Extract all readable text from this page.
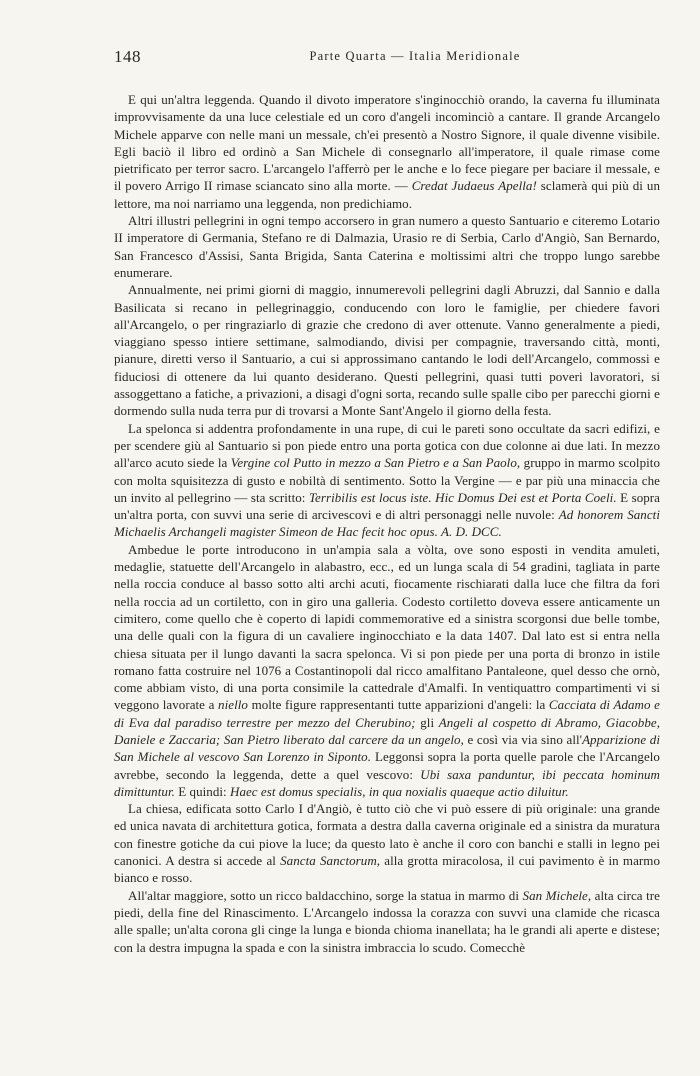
148	Parte Quarta — Italia Meridionale

E qui un'altra leggenda. Quando il divoto imperatore s'inginocchiò orando, la caverna fu illuminata improvvisamente da una luce celestiale ed un coro d'angeli incominciò a cantare. Il grande Arcangelo Michele apparve con nelle mani un messale, ch'ei presentò a Nostro Signore, il quale divenne visibile. Egli baciò il libro ed ordinò a San Michele di consegnarlo all'imperatore, il quale rimase come pietrificato per terror sacro. L'arcangelo l'afferrò per le anche e lo fece piegare per baciare il messale, e il povero Arrigo II rimase sciancato sino alla morte. — Credat Judaeus Apella! sclamerà qui più di un lettore, ma noi narriamo una leggenda, non predichiamo.

Altri illustri pellegrini in ogni tempo accorsero in gran numero a questo Santuario e citeremo Lotario II imperatore di Germania, Stefano re di Dalmazia, Urasio re di Serbia, Carlo d'Angiò, San Bernardo, San Francesco d'Assisi, Santa Brigida, Santa Caterina e moltissimi altri che troppo lungo sarebbe enumerare.

Annualmente, nei primi giorni di maggio, innumerevoli pellegrini dagli Abruzzi, dal Sannio e dalla Basilicata si recano in pellegrinaggio, conducendo con loro le famiglie, per chiedere favori all'Arcangelo, o per ringraziarlo di grazie che credono di aver ottenute. Vanno generalmente a piedi, viaggiano spesso intiere settimane, salmodiando, divisi per compagnie, traversando città, monti, pianure, diretti verso il Santuario, a cui si approssimano cantando le lodi dell'Arcangelo, commossi e fiduciosi di ottenere da lui quanto desiderano. Questi pellegrini, quasi tutti poveri lavoratori, si assoggettano a fatiche, a privazioni, a disagi d'ogni sorta, recando sulle spalle cibo per parecchi giorni e dormendo sulla nuda terra pur di trovarsi a Monte Sant'Angelo il giorno della festa.

La spelonca si addentra profondamente in una rupe, di cui le pareti sono occultate da sacri edifizi, e per scendere giù al Santuario si pon piede entro una porta gotica con due colonne ai due lati. In mezzo all'arco acuto siede la Vergine col Putto in mezzo a San Pietro e a San Paolo, gruppo in marmo scolpito con molta squisitezza di gusto e nobiltà di sentimento. Sotto la Vergine — e par più una minaccia che un invito al pellegrino — sta scritto: Terribilis est locus iste. Hic Domus Dei est et Porta Coeli. E sopra un'altra porta, con suvvi una serie di arcivescovi e di altri personaggi nelle nuvole: Ad honorem Sancti Michaelis Archangeli magister Simeon de Hac fecit hoc opus. A. D. DCC.

Ambedue le porte introducono in un'ampia sala a vòlta, ove sono esposti in vendita amuleti, medaglie, statuette dell'Arcangelo in alabastro, ecc., ed un lunga scala di 54 gradini, tagliata in parte nella roccia conduce al basso sotto alti archi acuti, fiocamente rischiarati dalla luce che filtra da fori nella roccia ad un cortiletto, con in giro una galleria. Codesto cortiletto doveva essere anticamente un cimitero, come quello che è coperto di lapidi commemorative ed a sinistra scorgonsi due belle tombe, una delle quali con la figura di un cavaliere inginocchiato e la data 1407. Dal lato est si entra nella chiesa situata per il lungo davanti la sacra spelonca. Vi si pon piede per una porta di bronzo in istile romano fatta costruire nel 1076 a Costantinopoli dal ricco amalfitano Pantaleone, quel desso che ornò, come abbiam visto, di una porta consimile la cattedrale d'Amalfi. In ventiquattro compartimenti vi si veggono lavorate a niello molte figure rappresentanti tutte apparizioni d'angeli: la Cacciata di Adamo e di Eva dal paradiso terrestre per mezzo del Cherubino; gli Angeli al cospetto di Abramo, Giacobbe, Daniele e Zaccaria; San Pietro liberato dal carcere da un angelo, e così via via sino all'Apparizione di San Michele al vescovo San Lorenzo in Siponto. Leggonsi sopra la porta quelle parole che l'Arcangelo avrebbe, secondo la leggenda, dette a quel vescovo: Ubi saxa panduntur, ibi peccata hominum dimittuntur. E quindi: Haec est domus specialis, in qua noxialis quaeque actio diluitur.

La chiesa, edificata sotto Carlo I d'Angiò, è tutto ciò che vi può essere di più originale: una grande ed unica navata di architettura gotica, formata a destra dalla caverna originale ed a sinistra da muratura con finestre gotiche da cui piove la luce; da questo lato è anche il coro con banchi e stalli in legno pei canonici. A destra si accede al Sancta Sanctorum, alla grotta miracolosa, il cui pavimento è in marmo bianco e rosso.

All'altar maggiore, sotto un ricco baldacchino, sorge la statua in marmo di San Michele, alta circa tre piedi, della fine del Rinascimento. L'Arcangelo indossa la corazza con suvvi una clamide che ricasca alle spalle; un'alta corona gli cinge la lunga e bionda chioma inanellata; ha le grandi ali aperte e distese; con la destra impugna la spada e con la sinistra imbraccia lo scudo. Comecchè
